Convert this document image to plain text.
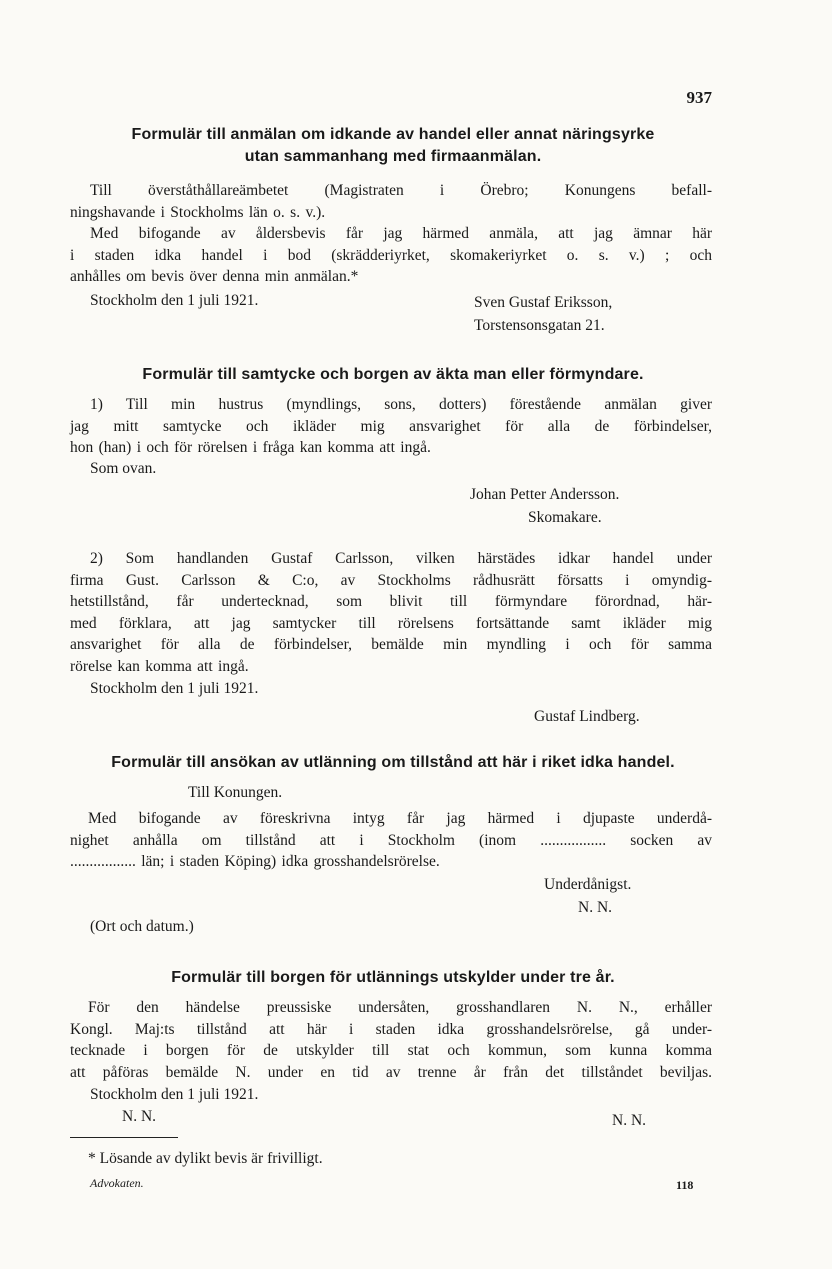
937
Formulär till anmälan om idkande av handel eller annat näringsyrke
utan sammanhang med firmaanmälan.
Till överståthållareämbetet (Magistraten i Örebro; Konungens befall-
ningshavande i Stockholms län o. s. v.).
Med bifogande av åldersbevis får jag härmed anmäla, att jag ämnar här
i staden idka handel i bod (skrädderiyrket, skomakeriyrket o. s. v.) ; och
anhålles om bevis över denna min anmälan.*
Stockholm den 1 juli 1921.	Sven Gustaf Eriksson,
Torstensonsgatan 21.
Formulär till samtycke och borgen av äkta man eller förmyndare.
1) Till min hustrus (myndlings, sons, dotters) förestående anmälan giver
jag mitt samtycke och ikläder mig ansvarighet för alla de förbindelser,
hon (han) i och för rörelsen i fråga kan komma att ingå.
Som ovan.
Johan Petter Andersson.
Skomakare.
2) Som handlanden Gustaf Carlsson, vilken härstädes idkar handel under
firma Gust. Carlsson & C:o, av Stockholms rådhusrätt försatts i omyndig-
hetstillstånd, får undertecknad, som blivit till förmyndare förordnad, här-
med förklara, att jag samtycker till rörelsens fortsättande samt ikläder mig
ansvarighet för alla de förbindelser, bemälde min myndling i och för samma
rörelse kan komma att ingå.
Stockholm den 1 juli 1921.
Gustaf Lindberg.
Formulär till ansökan av utlänning om tillstånd att här i riket idka handel.
Till Konungen.
Med bifogande av föreskrivna intyg får jag härmed i djupaste underdå-
nighet anhålla om tillstånd att i Stockholm (inom ................. socken av
................. län; i staden Köping) idka grosshandelsrörelse.
Underdånigst.
N. N.
(Ort och datum.)
Formulär till borgen för utlännings utskylder under tre år.
För den händelse preussiske undersåten, grosshandlaren N. N., erhåller
Kongl. Maj:ts tillstånd att här i staden idka grosshandelsrörelse, gå under-
tecknade i borgen för de utskylder till stat och kommun, som kunna komma
att påföras bemälde N. under en tid av trenne år från det tillståndet beviljas.
Stockholm den 1 juli 1921.
N. N.	N. N.
* Lösande av dylikt bevis är frivilligt.
Advokaten.	118
